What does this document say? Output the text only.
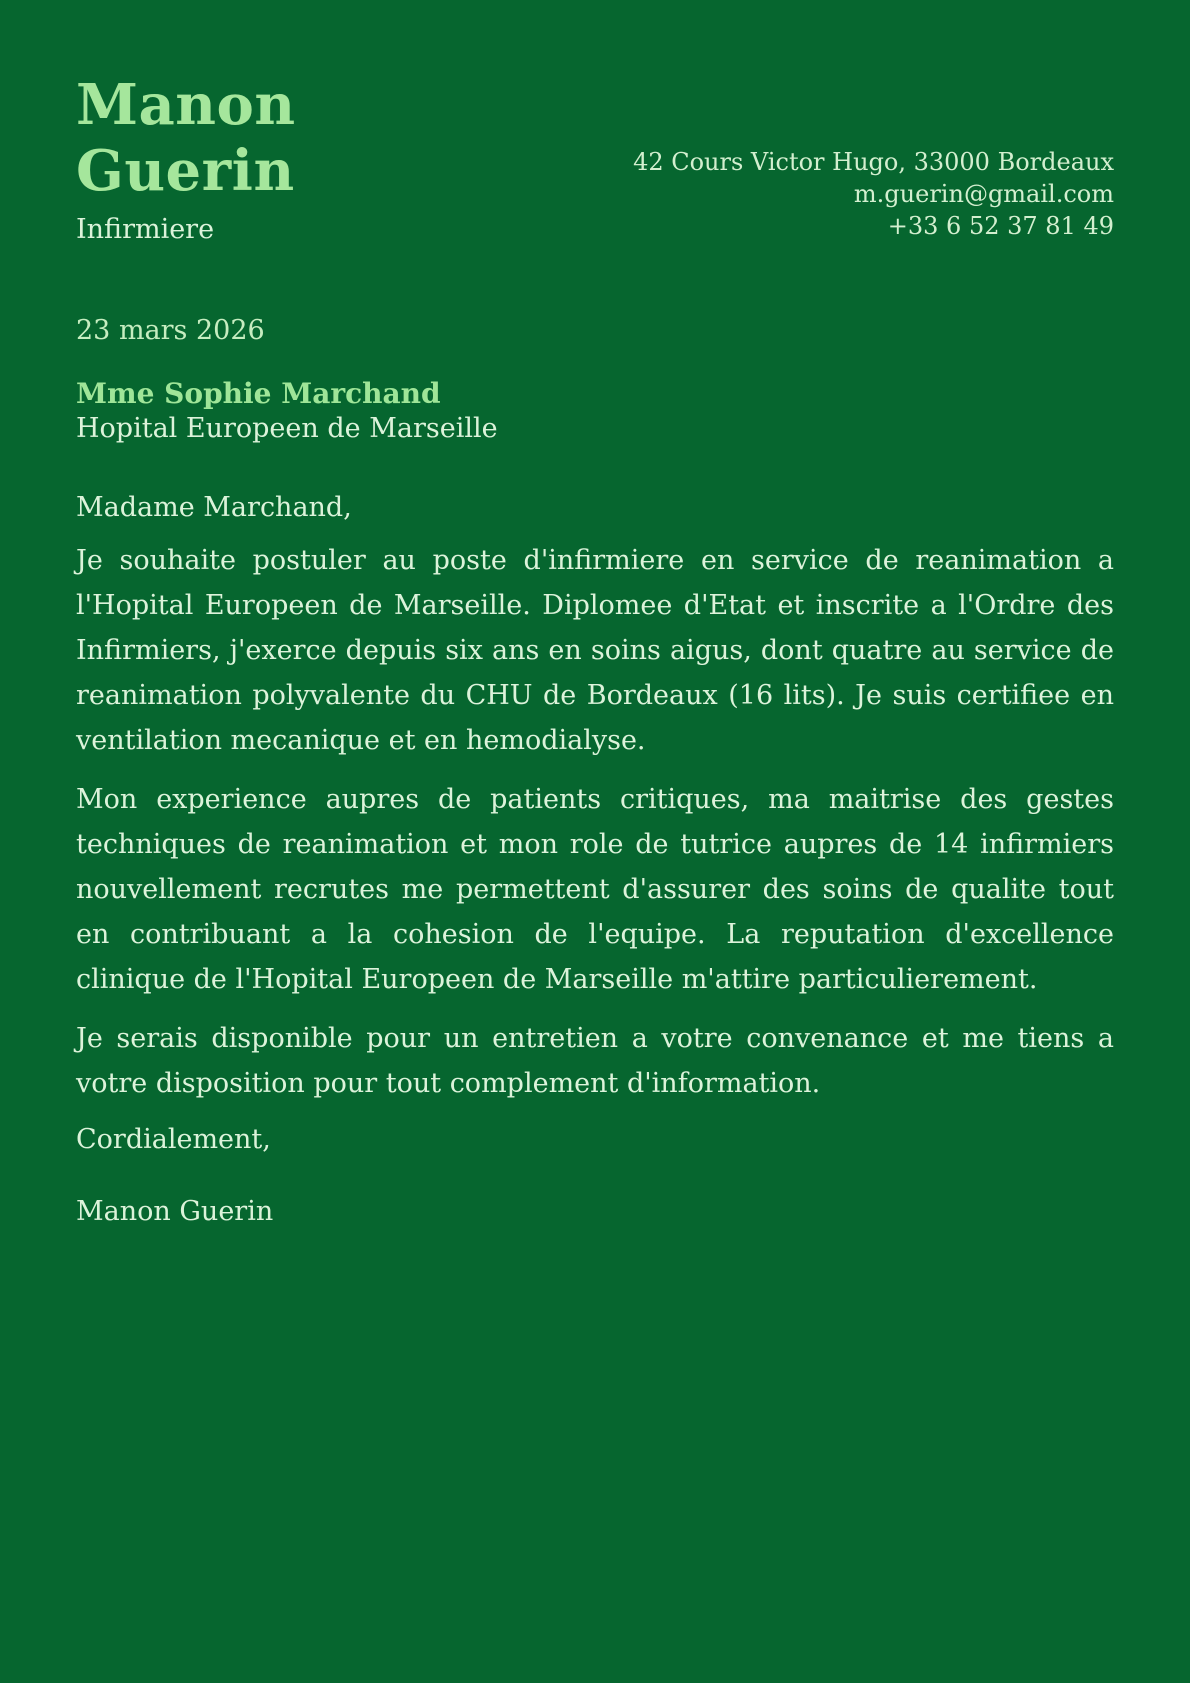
Manon
Guerin
Infirmiere
42 Cours Victor Hugo, 33000 Bordeaux
m.guerin@gmail.com
+33 6 52 37 81 49
23 mars 2026
Mme Sophie Marchand
Hopital Europeen de Marseille

Madame Marchand,

Je souhaite postuler au poste d'infirmiere en service de reanimation a l'Hopital Europeen de Marseille. Diplomee d'Etat et inscrite a l'Ordre des Infirmiers, j'exerce depuis six ans en soins aigus, dont quatre au service de reanimation polyvalente du CHU de Bordeaux (16 lits). Je suis certifiee en ventilation mecanique et en hemodialyse.

Mon experience aupres de patients critiques, ma maitrise des gestes techniques de reanimation et mon role de tutrice aupres de 14 infirmiers nouvellement recrutes me permettent d'assurer des soins de qualite tout en contribuant a la cohesion de l'equipe. La reputation d'excellence clinique de l'Hopital Europeen de Marseille m'attire particulierement.

Je serais disponible pour un entretien a votre convenance et me tiens a votre disposition pour tout complement d'information.

Cordialement,

Manon Guerin
